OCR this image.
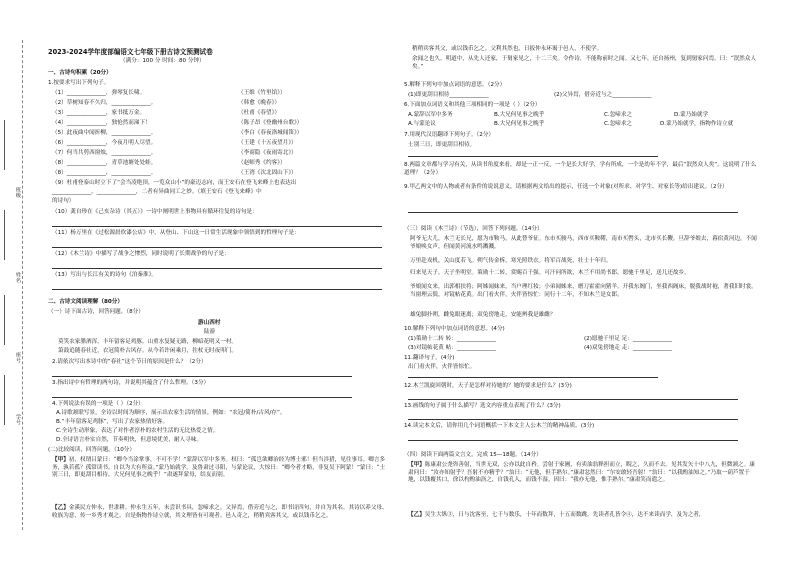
班级
姓名
座号
学号
2023-2024学年度部编语文七年级下册古诗文预测试卷
（满分：100 分 时间：80 分钟）
一、古诗句积累（20分）
1.按要求写出下列句子。
（1）______________，弹琴复长啸。	（王维《竹里馆》）
（2）草树知春不久归，______________。	（韩愈《晚春》）
（3）______________，家书抵万金。	（杜甫《春望》）
（4）______________，独怆然而涕下！	（陈子昂《登幽州台歌》）
（5）此夜曲中闻折柳，______________。	（李白《春夜洛城闻笛》）
（6）______________，今夜月明人尽望。	（王建《十五夜望月》）
（7）何当共剪西窗烛，______________。	（李商隐《夜雨寄北》）
（8）______________，青草池塘处处蛙。	（赵师秀《约客》）
（8）______________，______________。	（王湾《次北固山下》）
（9）杜甫登泰山时立下了“会当凌绝顶，一览众山小”的豪迈志向，而王安石在登飞来峰上也表达出
______________，______________，二者有异曲同工之妙。（填王安石《登飞来峰》中
的诗句）
（10）龚自珍在《己亥杂诗（其五）》一诗中阐明世上事物具有循环往复的诗句是：
（11）杨万里在《过松源晨炊漆公店》中，从登山、下山这一日常生活现象中领悟到的哲理句子是：
（12）《木兰诗》中描写了战争之惨烈，同时说明了长期战争的句子是：
（13）写出与长江有关的诗句《泊秦淮》。
二、古诗文阅读理解（80分）
（一）诗下面古诗，回答问题。（8分）
游山西村
陆游
莫笑农家腊酒浑，丰年留客足鸡豚。山重水复疑无路，柳暗花明又一村。
箫鼓追随春社近，衣冠简朴古风存。从今若许闲乘月，拄杖无时夜叩门。
2.请依次写出本诗中的“春社”这个节日的原因是什么？（2分）
3.指出诗中有哲理的两句诗，并说明其蕴含了什么哲理。（3分）
4.下列说法有误的一项是（ ）（2分）
A.诗歌颔联写景，全诗以时间为顺序，展示出农家生活的情景，例如：“农冠/简朴/古风/存”。
B.“丰年留客足鸡豚”，写出了农家热情好客。
C.全诗生动形象，表达了对作者淳朴的农村生活的无比热爱之情。
D.全诗语言朴实自然，节奏明快，但意境优美，耐人寻味。
(二)比较阅读，回答问题。（10分）
【甲】初，权谓吕蒙曰：“卿今当涂掌事，不可不学！”蒙辞以军中多务。权曰：“孤岂欲卿治经为博士邪！但当涉猎，见往事耳。卿言多务，孰若孤？孤常读书，自以为大有所益。”蒙乃始就学。及鲁肃过寻阳，与蒙论议，大惊曰：“卿今者才略，非复吴下阿蒙！”蒙曰：“士别三日，即更刮目相待，大兄何见事之晚乎！”肃遂拜蒙母，结友而别。
【乙】金溪民方仲永，世隶耕。仲永生五年，未尝识书具，忽啼求之。父异焉，借旁近与之，即书诗四句，并自为其名。其诗以养父母、收族为意，传一乡秀才观之。自是指物作诗立就，其文理皆有可观者。邑人奇之，稍稍宾客其父，或以钱币乞之。
稍稍宾客其父，或以钱币乞之。父利其然也，日扳仲永环谒于邑人，不使学。
余闻之也久。明道中，从先人还家，于舅家见之，十二三矣。令作诗，不能称前时之闻。又七年，还自扬州，复到舅家问焉。曰：“泯然众人矣。”
5.解释下列句中加点词语的意思。（2分）
(1)即更刮目相待______________	(2)父异焉，借旁近与之______________
6.下面加点词语义和其他三项相同的一项是（ ）（2分）
A.蒙辞以军中多务	B.大兄何见事之晚乎	C.忽啼求之	D.蒙乃始就学
A.与蒙论议	B.大兄何见事之晚乎	C.忽啼求之	D.蒙乃始就学，指物作诗立就
7.用现代汉语翻译下列句子。（2分）
士别三日，即更刮目相待。
8.两篇文章都与学习有关，从读书角度来看，却是一正一反，一个是长大好学，学有所成，一个是幼年不学，最后“泯然众人矣”。这说明了什么道理？（2分）
9.甲乙两文中的人物或者有条件的说说意义，请根据两文给出的提示，任选一个对象(对所求、对学生、对家长等)给出建议。（2分）
（三）阅读《木兰诗》（节选），回答下列问题。（14分）
阿爷无大儿，木兰无长兄，愿为市鞍马，从此替爷征。东市买骏马，西市买鞍鞯，南市买辔头，北市买长鞭。旦辞爷娘去，暮宿黄河边，不闻爷娘唤女声，但闻黄河流水鸣溅溅。
万里赴戎机，关山度若飞。朔气传金柝，寒光照铁衣。将军百战死，壮士十年归。
归来见天子，天子坐明堂。策勋十二转，赏赐百千强。可汗问所欲，木兰不用尚书郎，愿驰千里足，送儿还故乡。
爷娘闻女来，出郭相扶将；阿姊闻妹来，当户理红妆；小弟闻姊来，磨刀霍霍向猪羊。开我东阁门，坐我西阁床，脱我战时袍，著我旧时裳。当窗理云鬓，对镜帖花黄。出门看火伴，火伴皆惊忙：同行十二年，不知木兰是女郎。
雄兔脚扑朔，雌兔眼迷离；双兔傍地走，安能辨我是雄雌？
10.解释下列句中加点词语的意思。(4分)
(1)策勋十二转 转：______________	(2)愿驰千里足 足：______________
(3)对镜帖花黄 帖：______________	(4)双兔傍地走 走：______________
11.翻译句子。(4分)
出门看火伴，火伴皆惊忙。
12.木兰凯旋回朝时，天子是怎样对待她的？她的要求是什么？(3分)
13.画线的句子属于什么描写？选文内容重点表现了什么？(3分)
14.读完本文后，请你用几个词语概括一下本文主人公木兰的精神品质。(3分)
（四）阅读下面两篇文言文，完成 15—18题。（14分）
【甲】陈康肃公尧咨善射，当世无双，公亦以此自矜。尝射于家圃，有卖油翁释担而立，睨之，久而不去。见其发矢十中八九，但微颔之。康肃问曰：“汝亦知射乎？吾射不亦精乎？”翁曰：“无他，但手熟尔。”康肃忿然曰：“尔安敢轻吾射！”翁曰：“以我酌油知之。”乃取一葫芦置于地，以钱覆其口，徐以杓酌油沥之，自钱孔入，而钱不湿。因曰：“我亦无他，惟手熟尔。”康肃笑而遣之。
【乙】吴生大纵③，日与沈客至，七千与数乐，十年而数拜，十五而数跳。先读者孔皆令④，达不来读而学，及为之者，
